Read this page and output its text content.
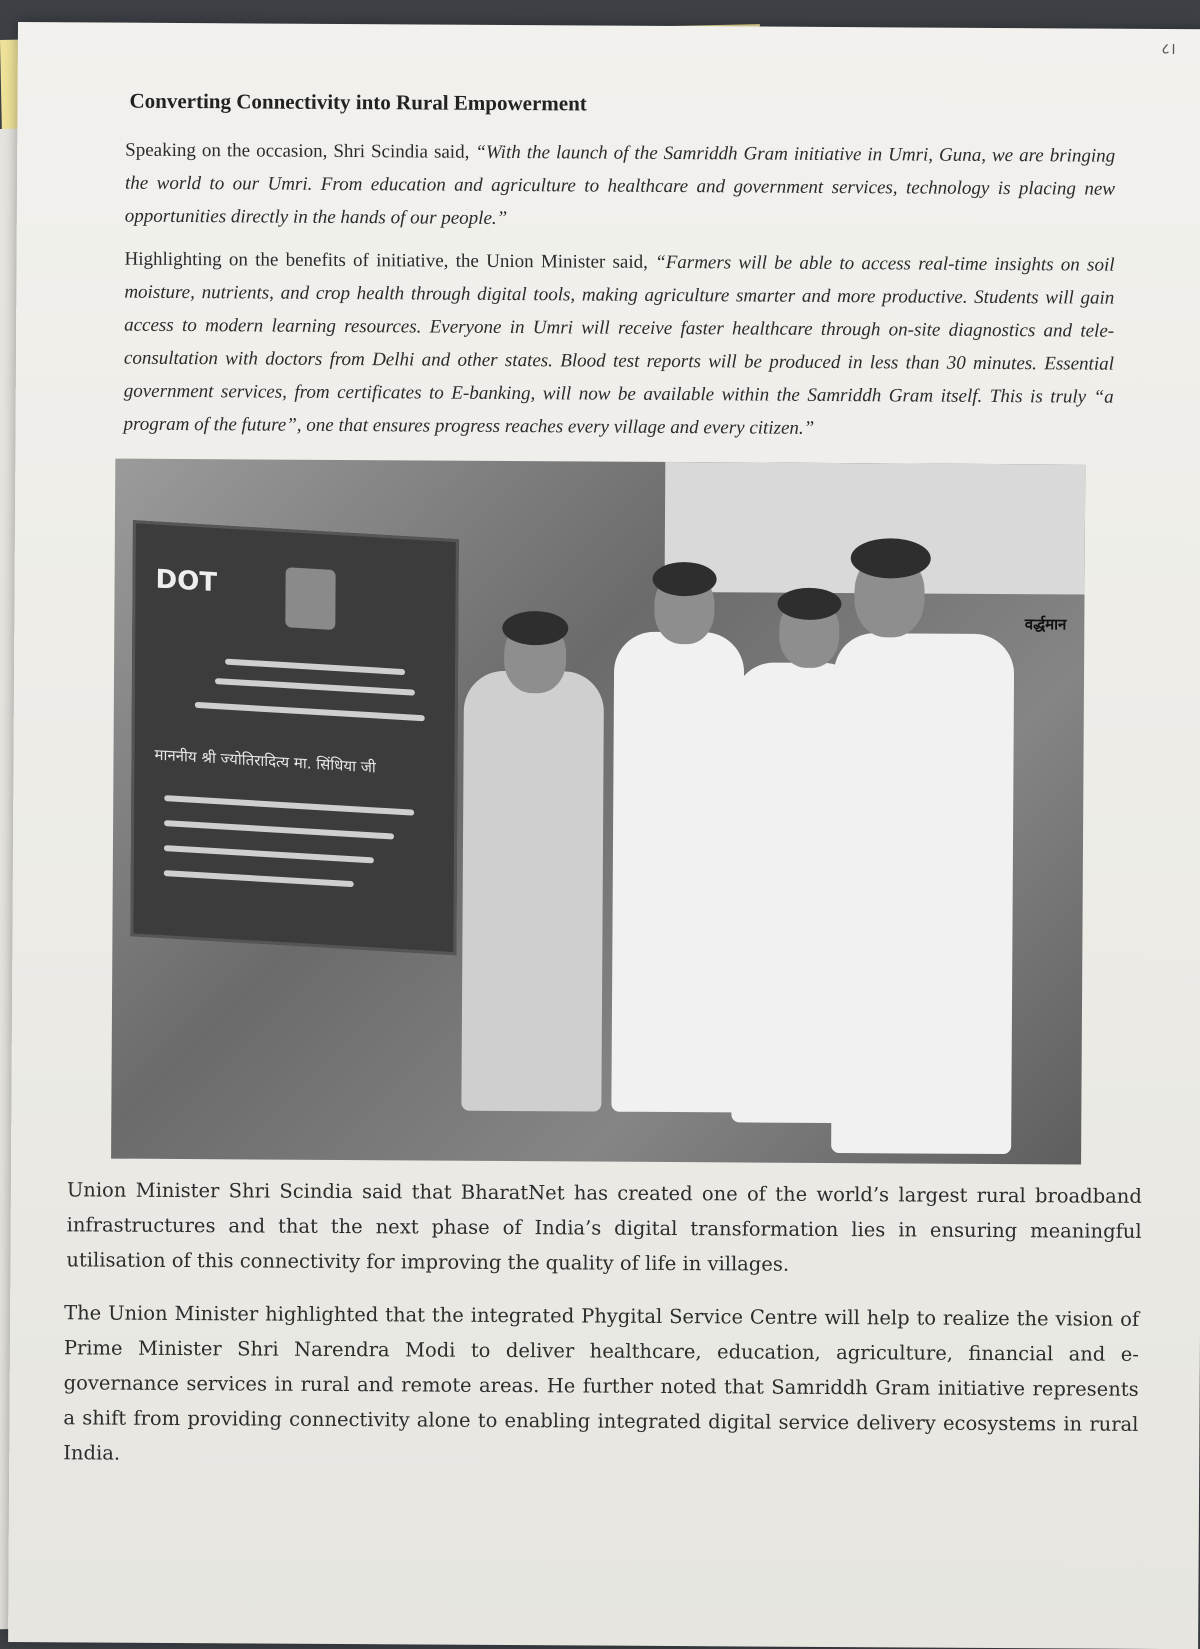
८।
Converting Connectivity into Rural Empowerment

Speaking on the occasion, Shri Scindia said, “With the launch of the Samriddh Gram initiative in Umri, Guna, we are bringing the world to our Umri. From education and agriculture to healthcare and government services, technology is placing new opportunities directly in the hands of our people.”

Highlighting on the benefits of initiative, the Union Minister said, “Farmers will be able to access real-time insights on soil moisture, nutrients, and crop health through digital tools, making agriculture smarter and more productive. Students will gain access to modern learning resources. Everyone in Umri will receive faster healthcare through on-site diagnostics and tele-consultation with doctors from Delhi and other states. Blood test reports will be produced in less than 30 minutes. Essential government services, from certificates to E-banking, will now be available within the Samriddh Gram itself. This is truly “a program of the future”, one that ensures progress reaches every village and every citizen.”

DOT
माननीय श्री ज्योतिरादित्य मा. सिंधिया जी
वर्द्धमान

Union Minister Shri Scindia said that BharatNet has created one of the world’s largest rural broadband infrastructures and that the next phase of India’s digital transformation lies in ensuring meaningful utilisation of this connectivity for improving the quality of life in villages.

The Union Minister highlighted that the integrated Phygital Service Centre will help to realize the vision of Prime Minister Shri Narendra Modi to deliver healthcare, education, agriculture, financial and e-governance services in rural and remote areas. He further noted that Samriddh Gram initiative represents a shift from providing connectivity alone to enabling integrated digital service delivery ecosystems in rural India.
